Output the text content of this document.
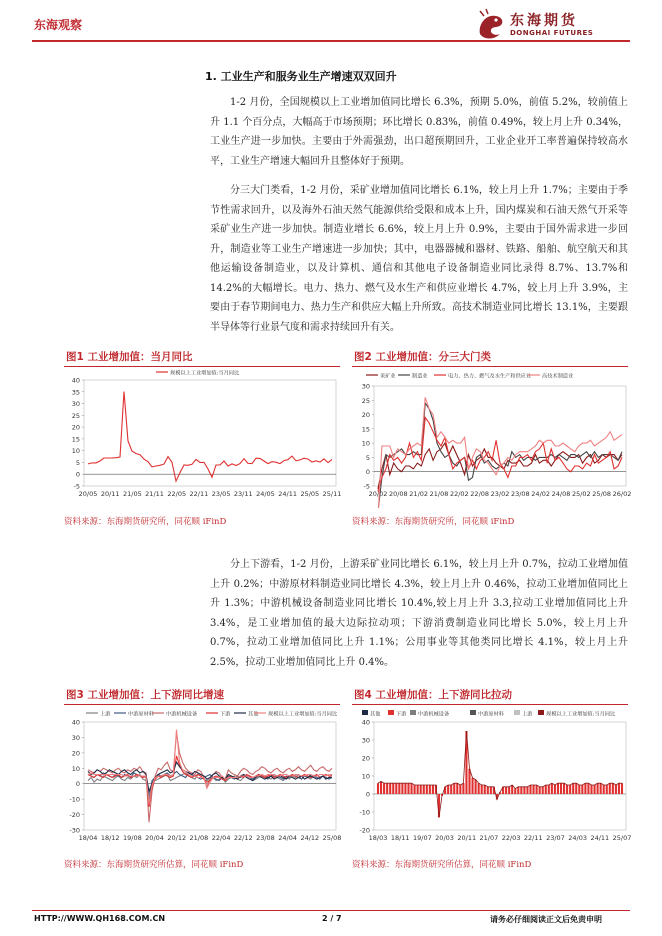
东海观察	东海期货
DONGHAI FUTURES
1. 工业生产和服务业生产增速双双回升

1-2 月份，全国规模以上工业增加值同比增长 6.3%，预期 5.0%，前值 5.2%，较前值上升 1.1 个百分点，大幅高于市场预期；环比增长 0.83%，前值 0.49%，较上月上升 0.34%，工业生产进一步加快。主要由于外需强劲，出口超预期回升，工业企业开工率普遍保持较高水平，工业生产增速大幅回升且整体好于预期。

分三大门类看，1-2 月份，采矿业增加值同比增长 6.1%，较上月上升 1.7%；主要由于季节性需求回升，以及海外石油天然气能源供给受限和成本上升，国内煤炭和石油天然气开采等采矿业生产进一步加快。制造业增长 6.6%，较上月上升 0.9%，主要由于国外需求进一步回升，制造业等工业生产增速进一步加快；其中，电器器械和器材、铁路、船舶、航空航天和其他运输设备制造业，以及计算机、通信和其他电子设备制造业同比录得 8.7%、13.7%和 14.2%的大幅增长。电力、热力、燃气及水生产和供应业增长 4.7%，较上月上升 3.9%，主要由于春节期间电力、热力生产和供应大幅上升所致。高技术制造业同比增长 13.1%，主要跟半导体等行业景气度和需求持续回升有关。

图1 工业增加值：当月同比
-5
0
5
10
15
20
25
30
35
40
20/05 20/11 21/05 21/11 22/05 22/11 23/05 23/11 24/05 24/11 25/05 25/11
规模以上工业增加值:当月同比
资料来源：东海期货研究所，同花顺 iFinD
图2 工业增加值：分三大门类
-5
0
5
10
15
20
25
30
20/02 20/08 21/02 21/08 22/02 22/08 23/02 23/08 24/02 24/08 25/02 25/08 26/02
采矿业	制造业	电力、热力、燃气及水生产和供应业 高技术制造业
资料来源：东海期货研究所，同花顺 iFinD

分上下游看，1-2 月份，上游采矿业同比增长 6.1%，较上月上升 0.7%，拉动工业增加值上升 0.2%；中游原材料制造业同比增长 4.3%，较上月上升 0.46%，拉动工业增加值同比上升 1.3%；中游机械设备制造业同比增长 10.4%,较上月上升 3.3,拉动工业增加值同比上升 3.4%，是工业增加值的最大边际拉动项；下游消费制造业同比增长 5.0%，较上月上升 0.7%，拉动工业增加值同比上升 1.1%；公用事业等其他类同比增长 4.1%，较上月上升 2.5%，拉动工业增加值同比上升 0.4%。

图3 工业增加值：上下游同比增速
-30
-20
-10
0
10
20
30
40
18/04 18/12 19/08 20/04 20/12 21/08 22/04 22/12 23/08 24/04 24/12 25/08
上游	中游原材料 中游机械设备	下游	其他 规模以上工业增加值:当月同比
资料来源：东海期货研究所估算，同花顺 iFinD
图4 工业增加值：上下游同比拉动
-20
-10
0
10
20
30
40
18/03 18/11 19/07 20/03 20/11 21/07 22/03 22/11 23/07 24/03 24/11 25/07
其他	下游 中游机械设备	中游原材料	上游	规模以上工业增加值:当月同比
资料来源：东海期货研究所估算，同花顺 iFinD
HTTP://WWW.QH168.COM.CN	2 / 7	请务必仔细阅读正文后免责申明
